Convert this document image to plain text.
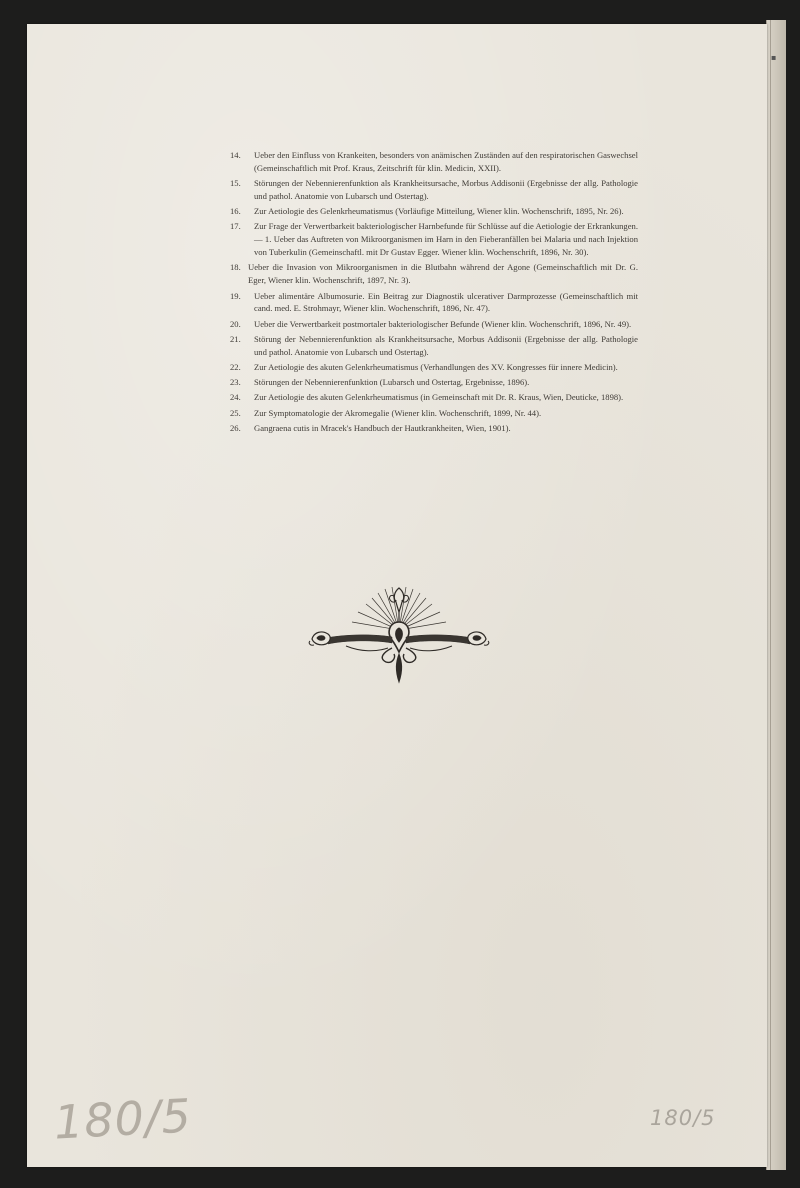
▪
14.	Ueber den Einfluss von Krankeiten, besonders von anämischen Zuständen auf den respiratorischen Gaswechsel (Gemeinschaftlich mit Prof. Kraus, Zeitschrift für klin. Medicin, XXII).
15.	Störungen der Nebennierenfunktion als Krankheitsursache, Morbus Addisonii (Ergebnisse der allg. Pathologie und pathol. Anatomie von Lubarsch und Ostertag).
16.	Zur Aetiologie des Gelenkrheumatismus (Vorläufige Mitteilung, Wiener klin. Wochenschrift, 1895, Nr. 26).
17.	Zur Frage der Verwertbarkeit bakteriologischer Harnbefunde für Schlüsse auf die Aetiologie der Erkrankungen. — 1. Ueber das Auftreten von Mikroorganismen im Harn in den Fieberanfällen bei Malaria und nach Injektion von Tuberkulin (Gemeinschaftl. mit Dr Gustav Egger. Wiener klin. Wochenschrift, 1896, Nr. 30).
18. Ueber die Invasion von Mikroorganismen in die Blutbahn während der Agone (Gemeinschaftlich mit Dr. G. Eger, Wiener klin. Wochenschrift, 1897, Nr. 3).
19.	Ueber alimentäre Albumosurie. Ein Beitrag zur Diagnostik ulcerativer Darmprozesse (Gemeinschaftlich mit cand. med. E. Strohmayr, Wiener klin. Wochenschrift, 1896, Nr. 47).
20.	Ueber die Verwertbarkeit postmortaler bakteriologischer Befunde (Wiener klin. Wochenschrift, 1896, Nr. 49).
21.	Störung der Nebennierenfunktion als Krankheitsursache, Morbus Addisonii (Ergebnisse der allg. Pathologie und pathol. Anatomie von Lubarsch und Ostertag).
22.	Zur Aetiologie des akuten Gelenkrheumatismus (Verhandlungen des XV. Kongresses für innere Medicin).
23.	Störungen der Nebennierenfunktion (Lubarsch und Ostertag, Ergebnisse, 1896).
24.	Zur Aetiologie des akuten Gelenkrheumatismus (in Gemeinschaft mit Dr. R. Kraus, Wien, Deuticke, 1898).
25.	Zur Symptomatologie der Akromegalie (Wiener klin. Wochenschrift, 1899, Nr. 44).
26.	Gangraena cutis in Mracek's Handbuch der Hautkrankheiten, Wien, 1901).
180/5	180/5
